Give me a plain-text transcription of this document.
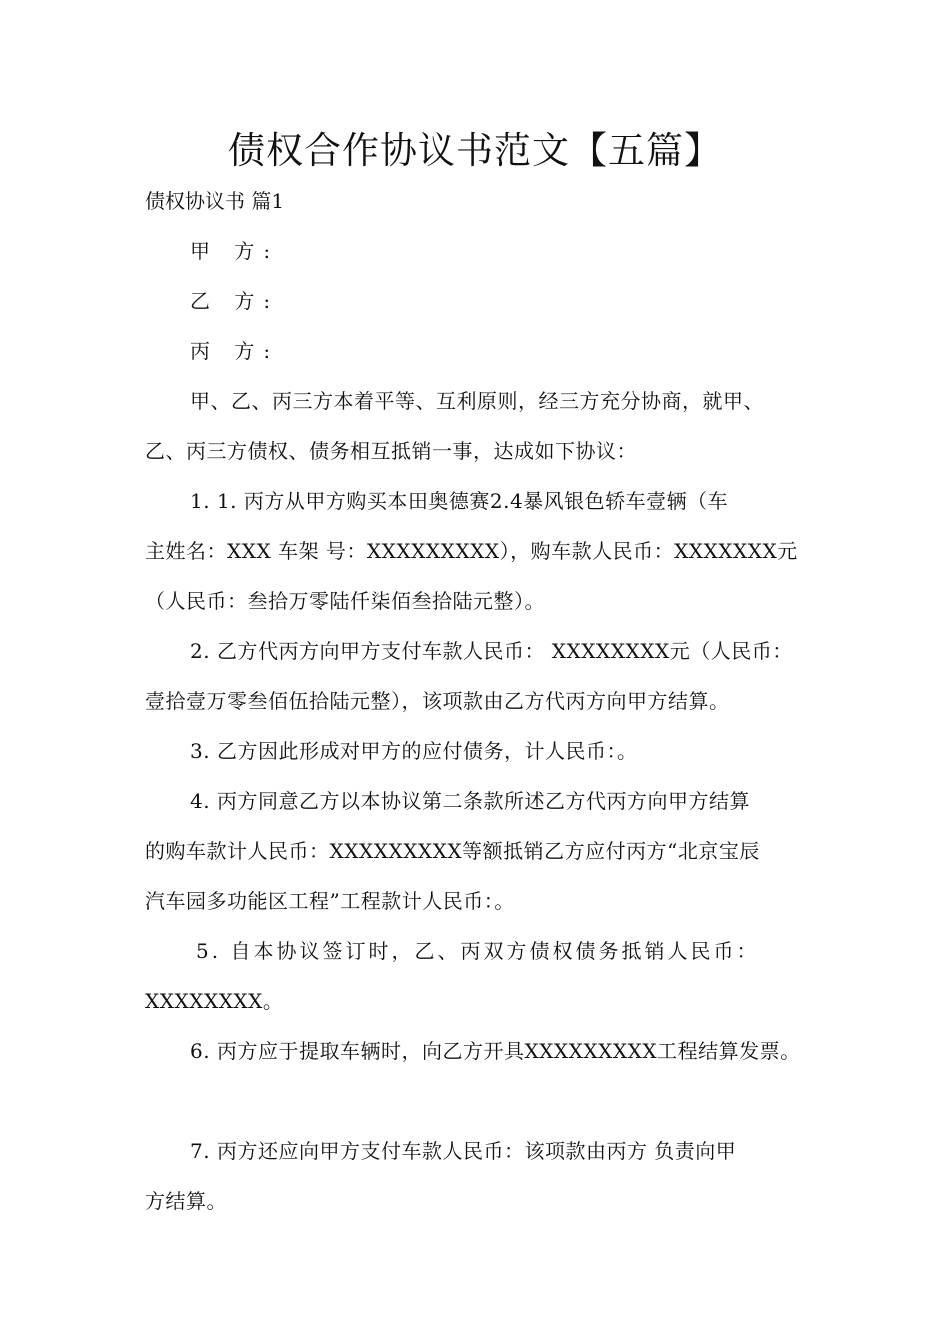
债权合作协议书范文【五篇】

债权协议书 篇1

甲 方:

乙 方:

丙 方:

甲、乙、丙三方本着平等、互利原则，经三方充分协商，就甲、

乙、丙三方债权、债务相互抵销一事，达成如下协议：

1. 1. 丙方从甲方购买本田奥德赛2.4暴风银色轿车壹辆（车

主姓名：XXX 车架 号：XXXXXXXXX），购车款人民币：XXXXXXX元

（人民币：叁拾万零陆仟柒佰叁拾陆元整）。

2. 乙方代丙方向甲方支付车款人民币： XXXXXXXX元（人民币：

壹拾壹万零叁佰伍拾陆元整），该项款由乙方代丙方向甲方结算。

3. 乙方因此形成对甲方的应付债务，计人民币：。

4. 丙方同意乙方以本协议第二条款所述乙方代丙方向甲方结算

的购车款计人民币：XXXXXXXXX等额抵销乙方应付丙方“北京宝辰

汽车园多功能区工程”工程款计人民币：。

5. 自本协议签订时，乙、丙双方债权债务抵销人民币：

XXXXXXXX。

6. 丙方应于提取车辆时，向乙方开具XXXXXXXXX工程结算发票。

7. 丙方还应向甲方支付车款人民币：该项款由丙方 负责向甲

方结算。
